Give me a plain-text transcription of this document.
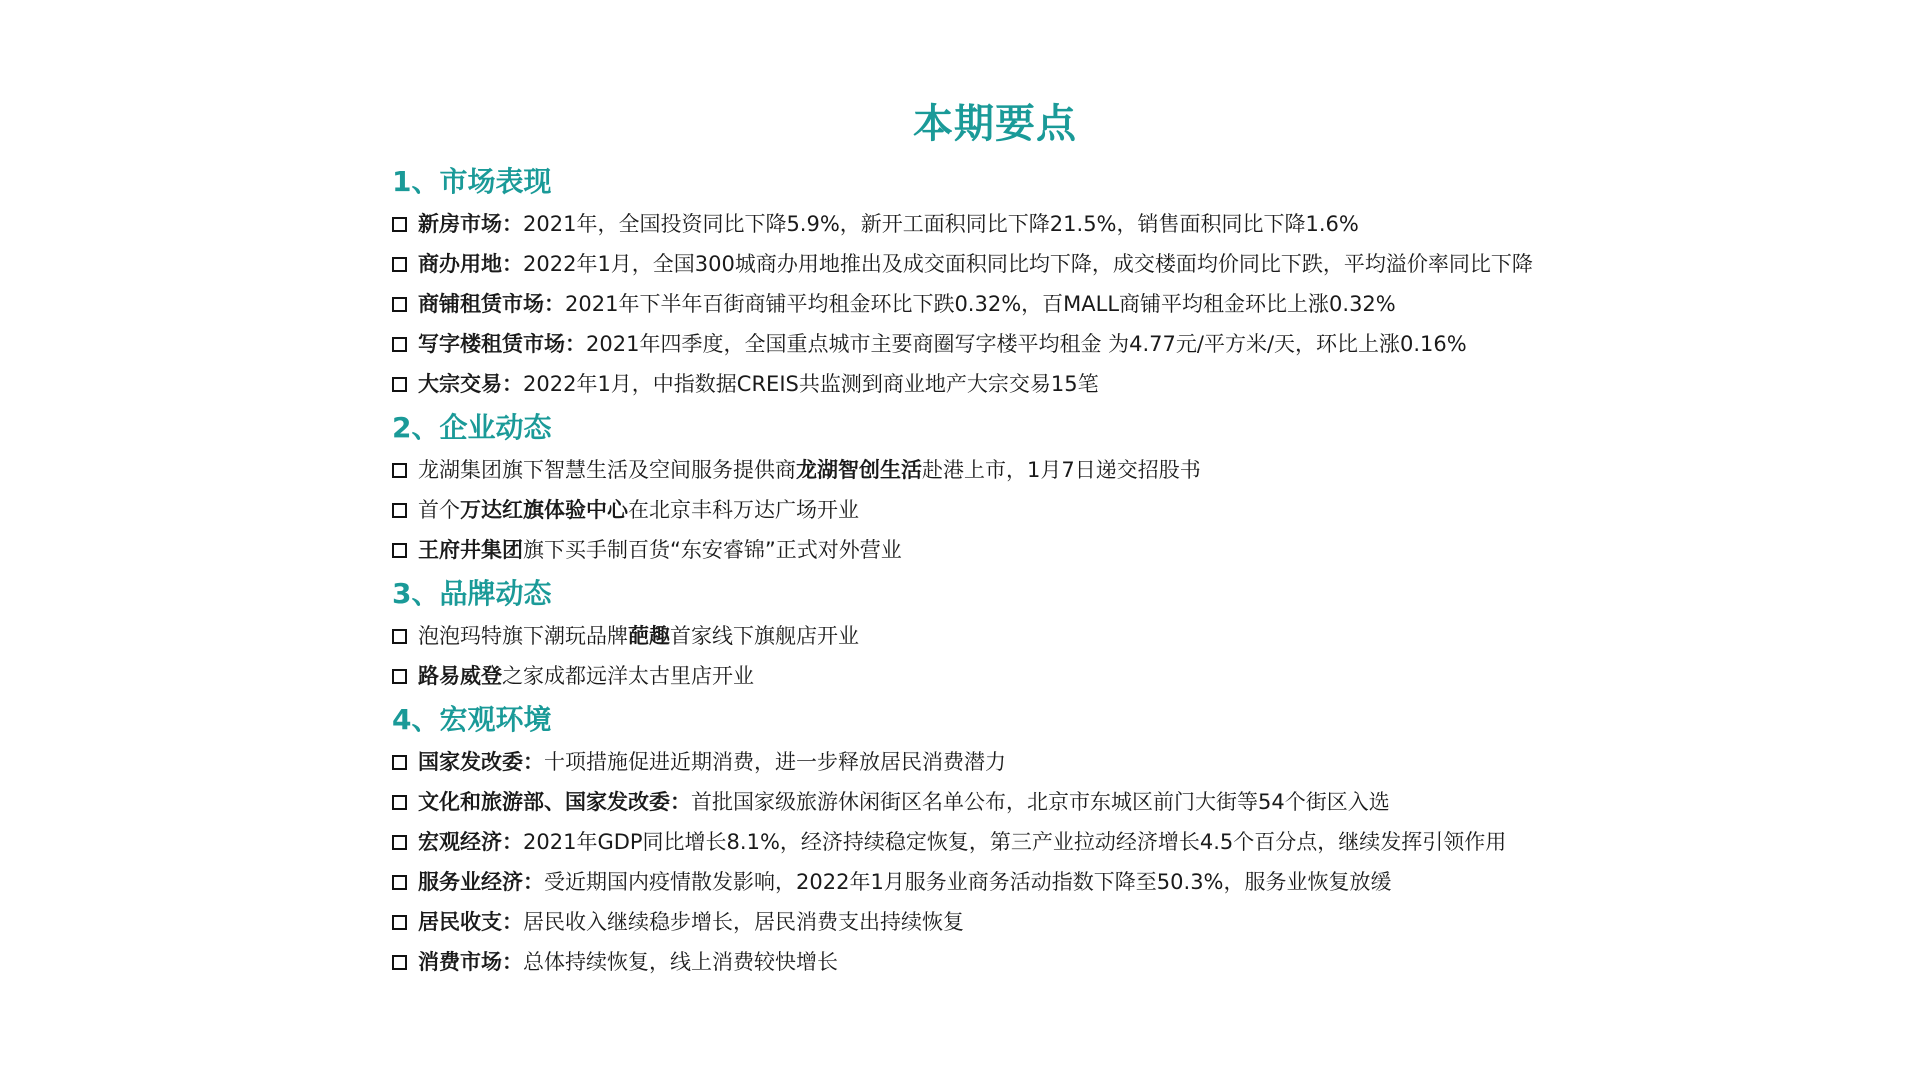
本期要点
1、市场表现
新房市场： 2021年，全国投资同比下降5.9%，新开工面积同比下降21.5%，销售面积同比下降1.6%
商办用地： 2022年1月，全国300城商办用地推出及成交面积同比均下降，成交楼面均价同比下跌，平均溢价率同比下降
商铺租赁市场： 2021年下半年百街商铺平均租金环比下跌0.32%，百MALL商铺平均租金环比上涨0.32%
写字楼租赁市场： 2021年四季度，全国重点城市主要商圈写字楼平均租金 为4.77元/平方米/天，环比上涨0.16%
大宗交易： 2022年1月，中指数据CREIS共监测到商业地产大宗交易15笔
2、企业动态
龙湖集团旗下智慧生活及空间服务提供商 龙湖智创生活 赴港上市，1月7日递交招股书
首个 万达红旗体验中心 在北京丰科万达广场开业
王府井集团 旗下买手制百货“东安睿锦”正式对外营业
3、品牌动态
泡泡玛特旗下潮玩品牌 葩趣 首家线下旗舰店开业
路易威登 之家成都远洋太古里店开业
4、宏观环境
国家发改委： 十项措施促进近期消费，进一步释放居民消费潜力
文化和旅游部、国家发改委： 首批国家级旅游休闲街区名单公布，北京市东城区前门大街等54个街区入选
宏观经济： 2021年GDP同比增长8.1%，经济持续稳定恢复，第三产业拉动经济增长4.5个百分点，继续发挥引领作用
服务业经济： 受近期国内疫情散发影响，2022年1月服务业商务活动指数下降至50.3%，服务业恢复放缓
居民收支： 居民收入继续稳步增长，居民消费支出持续恢复
消费市场： 总体持续恢复，线上消费较快增长
